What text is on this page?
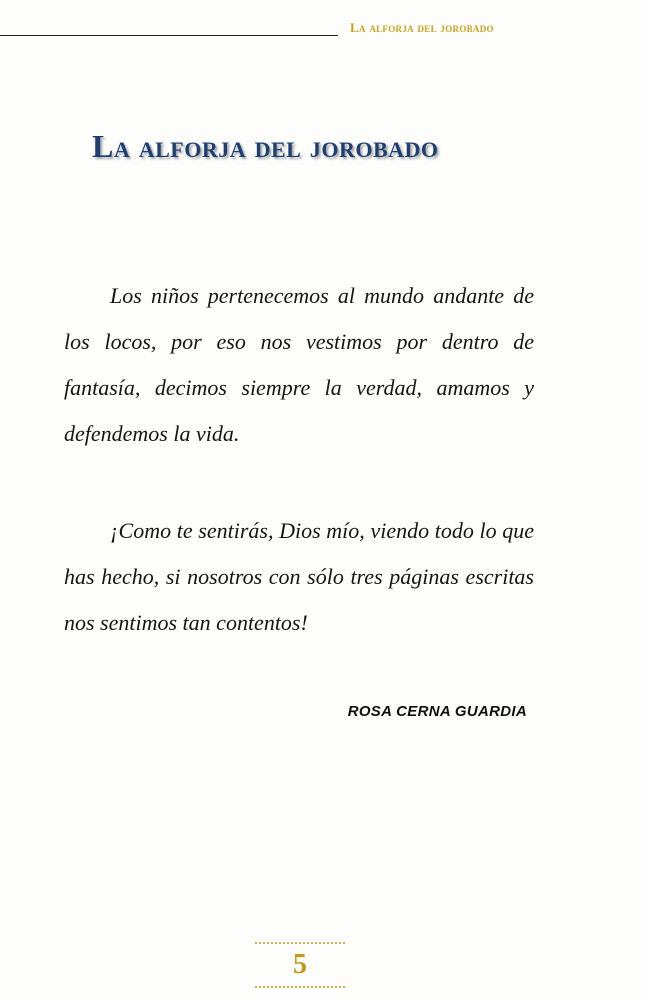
La alforja del jorobado
La alforja del jorobado

Los niños pertenecemos al mundo andante de los locos, por eso nos vestimos por dentro de fantasía, decimos siempre la verdad, amamos y defendemos la vida.

¡Como te sentirás, Dios mío, viendo todo lo que has hecho, si nosotros con sólo tres páginas escritas nos sentimos tan contentos!

ROSA CERNA GUARDIA
5
